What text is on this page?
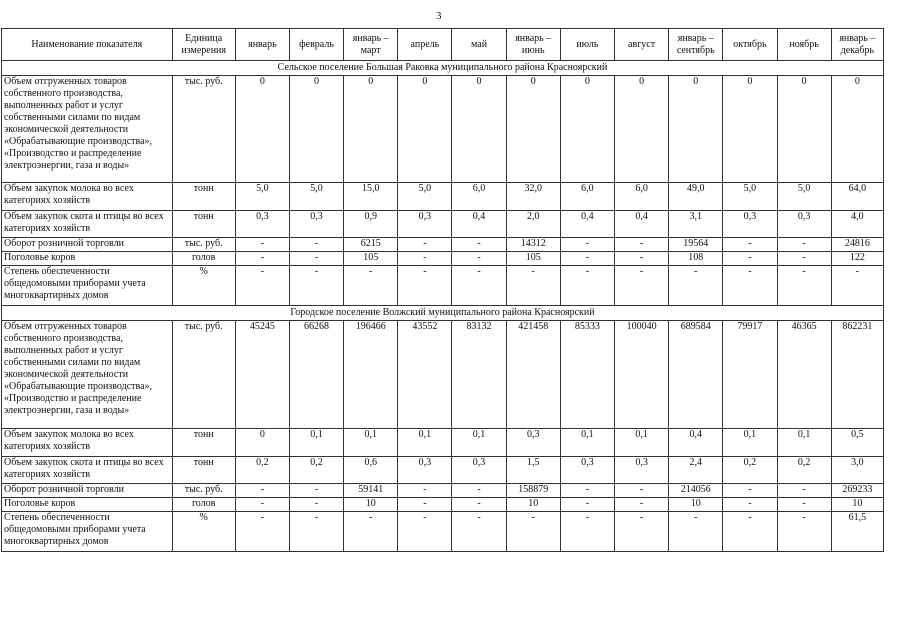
3
Наименование показателя	Единица измерения	январь	февраль	январь – март	апрель	май	январь – июнь	июль	август	январь – сентябрь	октябрь	ноябрь	январь – декабрь
Сельское поселение Большая Раковка муниципального района Красноярский													
Объем отгруженных товаров собственного производства, выполненных работ и услуг собственными силами по видам экономической деятельности «Обрабатывающие производства», «Производство и распределение электроэнергии, газа и воды»	тыс. руб.	0	0	0	0	0	0	0	0	0	0	0	0
Объем закупок молока во всех категориях хозяйств	тонн	5,0	5,0	15,0	5,0	6,0	32,0	6,0	6,0	49,0	5,0	5,0	64,0
Объем закупок скота и птицы во всех категориях хозяйств	тонн	0,3	0,3	0,9	0,3	0,4	2,0	0,4	0,4	3,1	0,3	0,3	4,0
Оборот розничной торговли	тыс. руб.	-	-	6215	-	-	14312	-	-	19564	-	-	24816
Поголовье коров	голов	-	-	105	-	-	105	-	-	108	-	-	122
Степень обеспеченности общедомовыми приборами учета многоквартирных домов	%	-	-	-	-	-	-	-	-	-	-	-	-
Городское поселение Волжский муниципального района Красноярский													
Объем отгруженных товаров собственного производства, выполненных работ и услуг собственными силами по видам экономической деятельности «Обрабатывающие производства», «Производство и распределение электроэнергии, газа и воды»	тыс. руб.	45245	66268	196466	43552	83132	421458	85333	100040	689584	79917	46365	862231
Объем закупок молока во всех категориях хозяйств	тонн	0	0,1	0,1	0,1	0,1	0,3	0,1	0,1	0,4	0,1	0,1	0,5
Объем закупок скота и птицы во всех категориях хозяйств	тонн	0,2	0,2	0,6	0,3	0,3	1,5	0,3	0,3	2,4	0,2	0,2	3,0
Оборот розничной торговли	тыс. руб.	-	-	59141	-	-	158879	-	-	214056	-	-	269233
Поголовье коров	голов	-	-	10	-	-	10	-	-	10	-	-	10
Степень обеспеченности общедомовыми приборами учета многоквартирных домов	%	-	-	-	-	-	-	-	-	-	-	-	61,5
